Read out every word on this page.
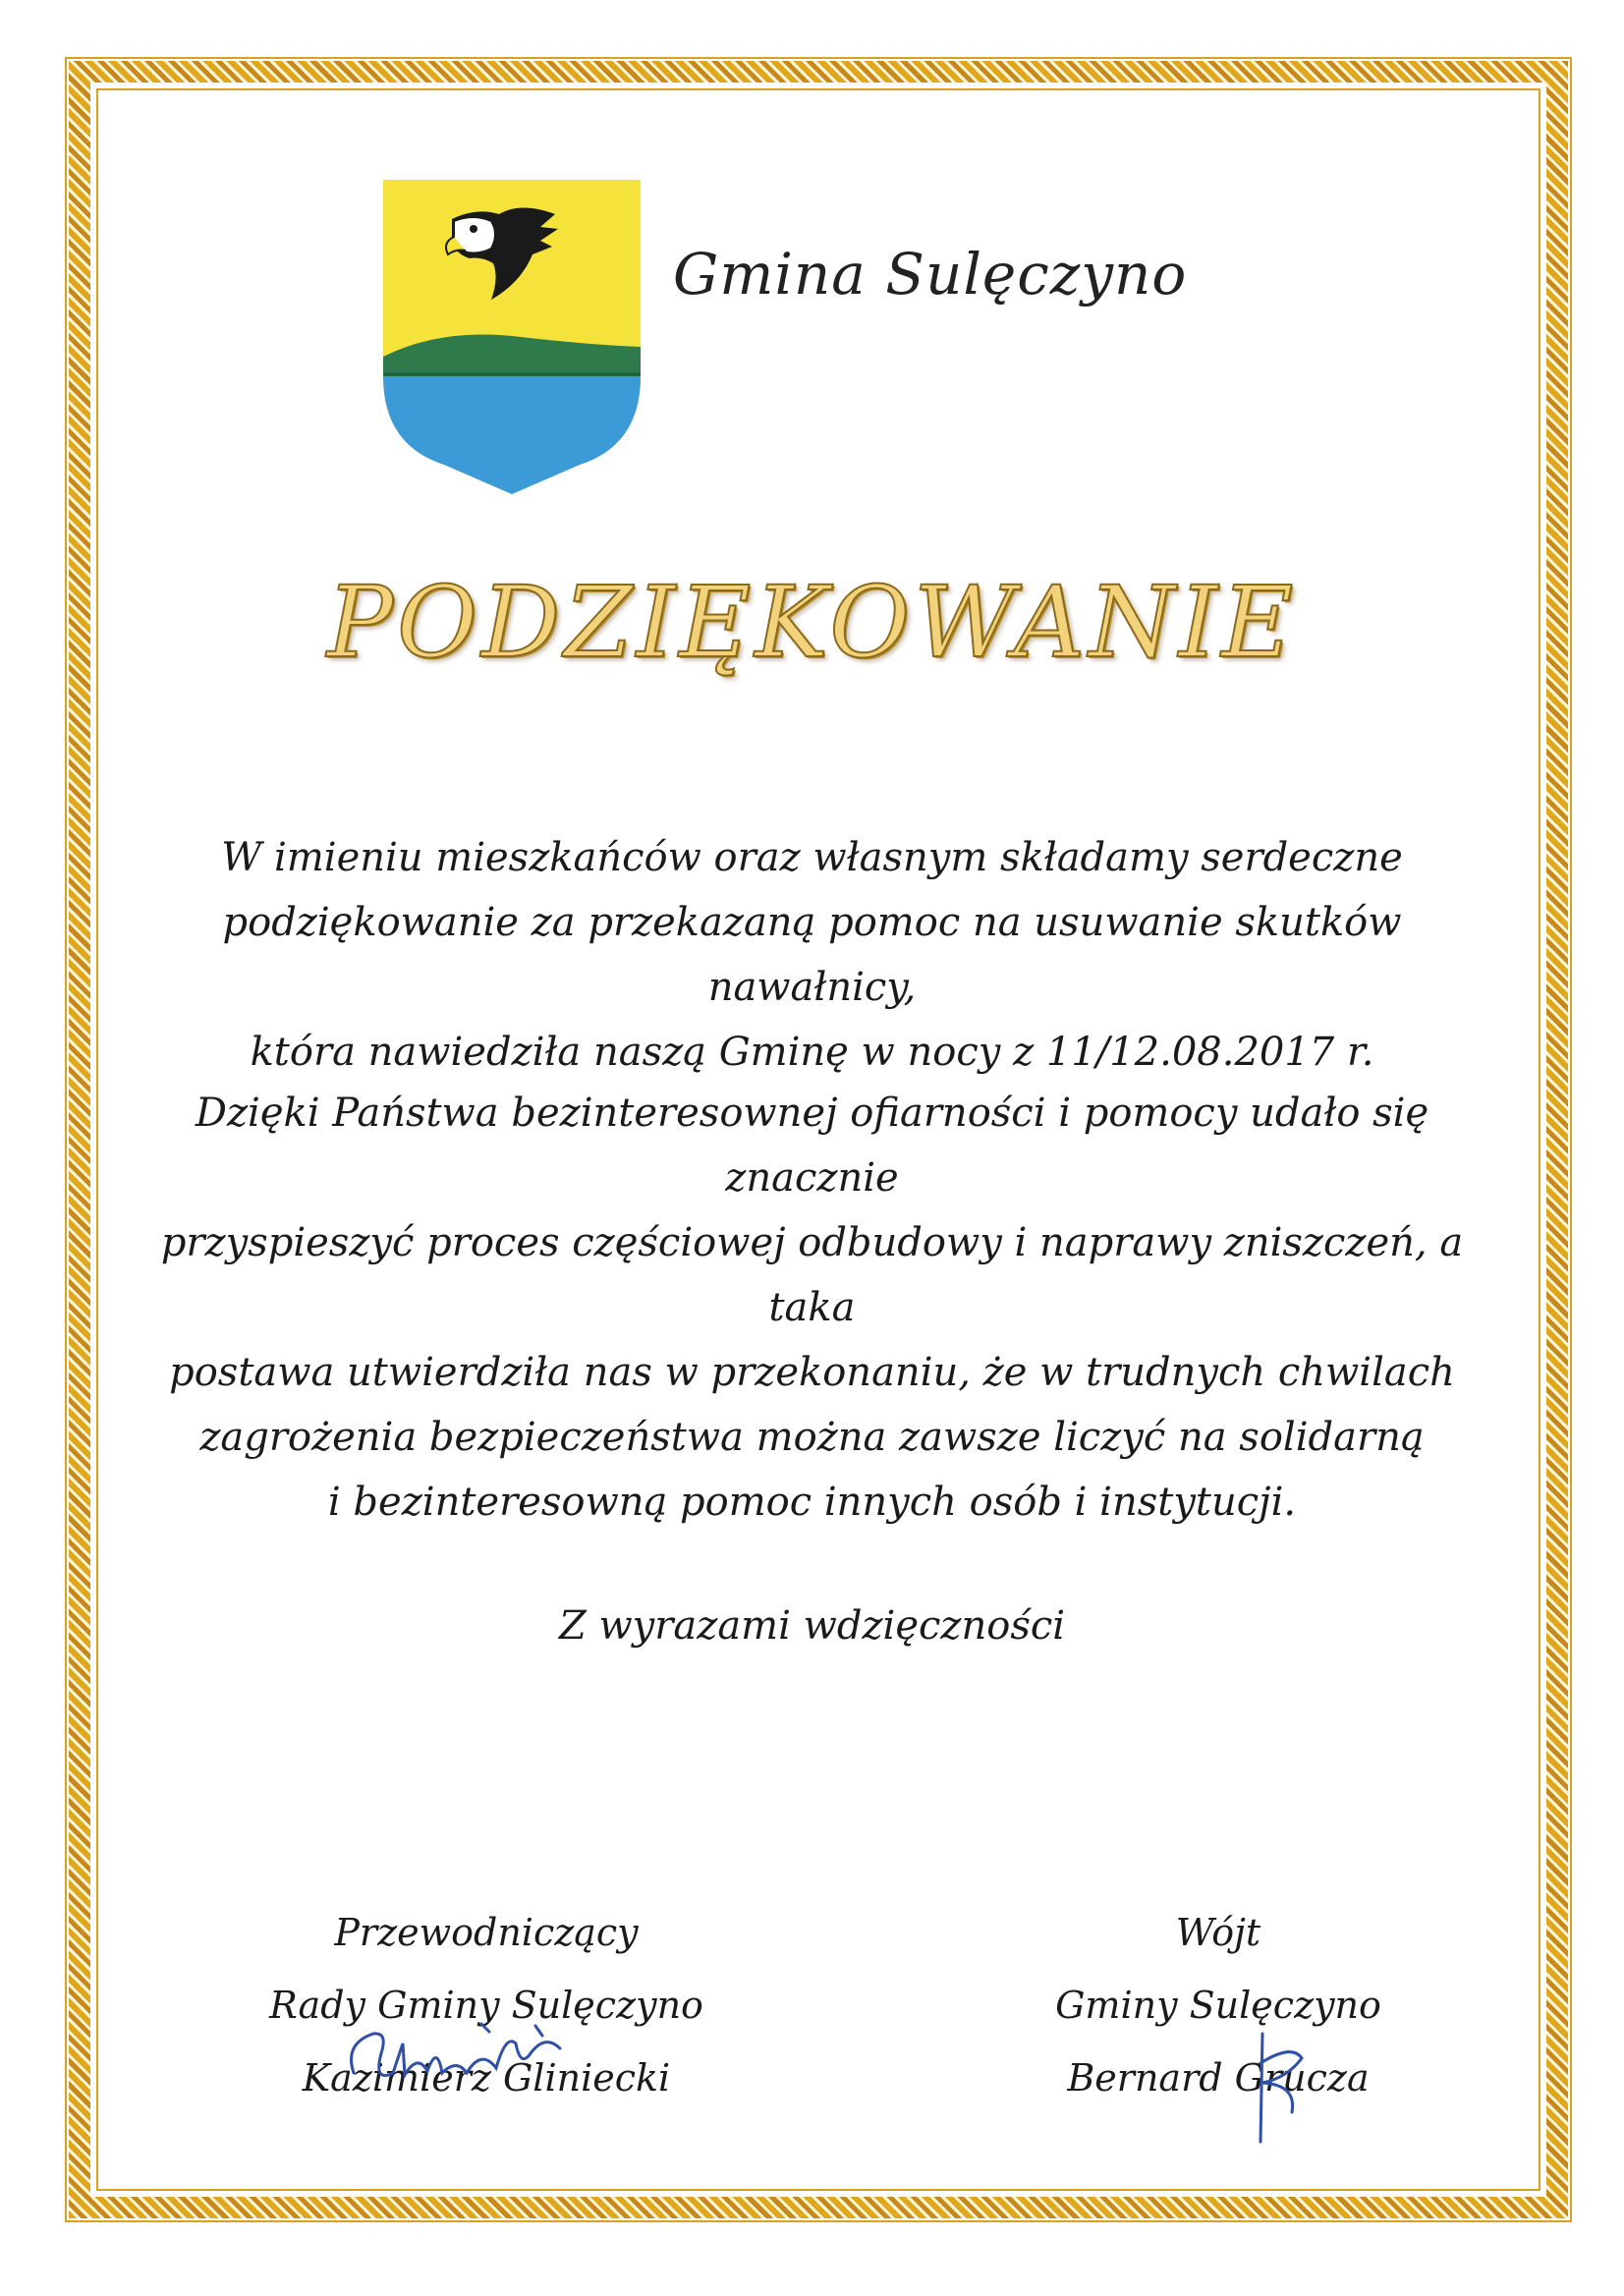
Gmina Sulęczyno
PODZIĘKOWANIE
W imieniu mieszkańców oraz własnym składamy serdeczne
podziękowanie za przekazaną pomoc na usuwanie skutków nawałnicy,
która nawiedziła naszą Gminę w nocy z 11/12.08.2017 r.
Dzięki Państwa bezinteresownej ofiarności i pomocy udało się znacznie
przyspieszyć proces częściowej odbudowy i naprawy zniszczeń, a taka
postawa utwierdziła nas w przekonaniu, że w trudnych chwilach
zagrożenia bezpieczeństwa można zawsze liczyć na solidarną
i bezinteresowną pomoc innych osób i instytucji.
Z wyrazami wdzięczności
Przewodniczący
Rady Gminy Sulęczyno
Kazimierz Gliniecki
Wójt
Gminy Sulęczyno
Bernard Grucza
